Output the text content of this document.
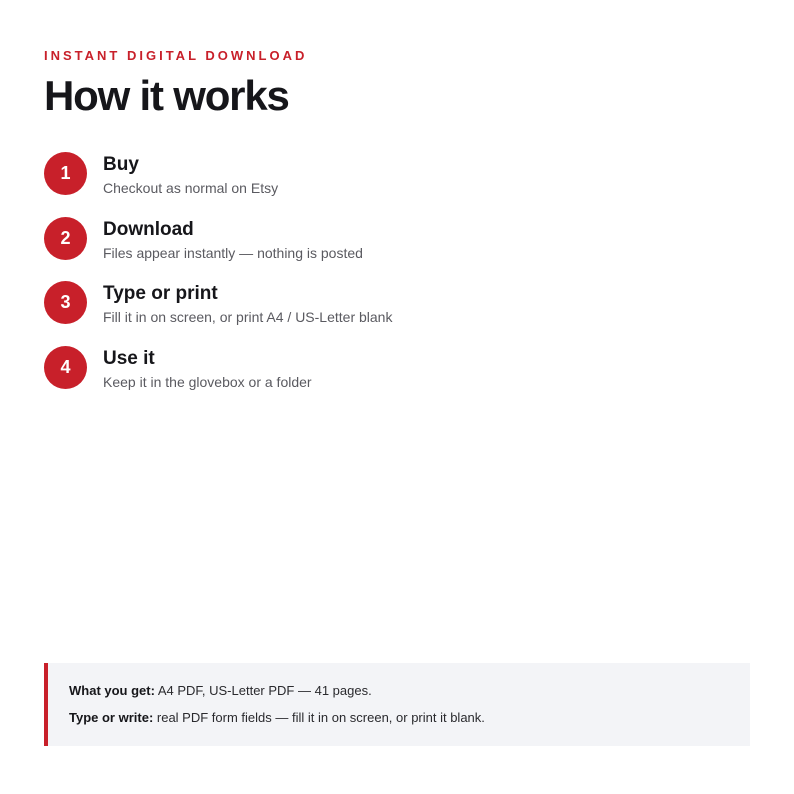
INSTANT DIGITAL DOWNLOAD
How it works
1	Buy
Checkout as normal on Etsy
2	Download
Files appear instantly — nothing is posted
3	Type or print
Fill it in on screen, or print A4 / US-Letter blank
4	Use it
Keep it in the glovebox or a folder
What you get: A4 PDF, US-Letter PDF — 41 pages.
Type or write: real PDF form fields — fill it in on screen, or print it blank.
